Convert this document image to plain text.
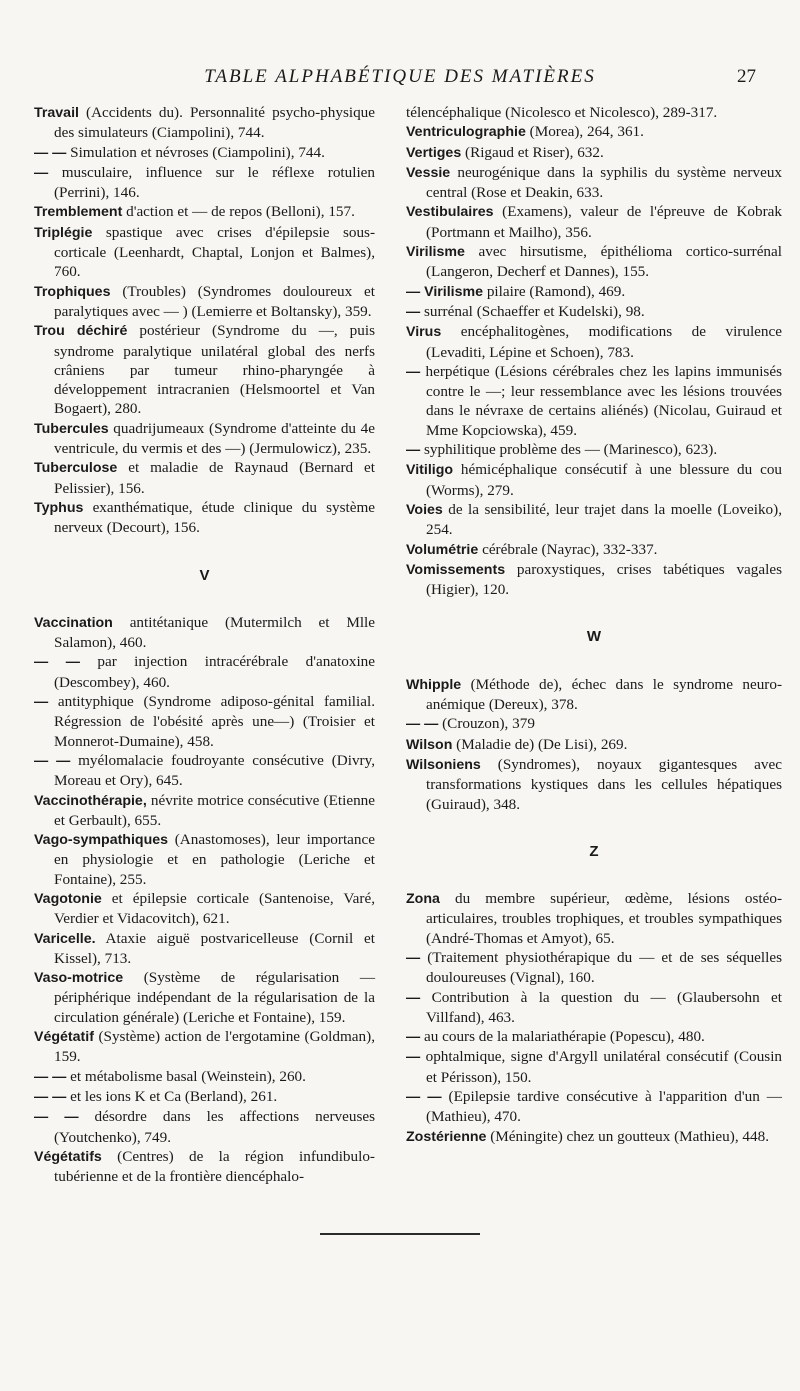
TABLE ALPHABÉTIQUE DES MATIÈRES	27
Travail (Accidents du). Personnalité psycho-physique des simulateurs (Ciampolini), 744.
— — Simulation et névroses (Ciampolini), 744.
— musculaire, influence sur le réflexe rotulien (Perrini), 146.
Tremblement d'action et — de repos (Belloni), 157.
Triplégie spastique avec crises d'épilepsie sous-corticale (Leenhardt, Chaptal, Lonjon et Balmes), 760.
Trophiques (Troubles) (Syndromes douloureux et paralytiques avec — ) (Lemierre et Boltansky), 359.
Trou déchiré postérieur (Syndrome du —, puis syndrome paralytique unilatéral global des nerfs crâniens par tumeur rhino-pharyngée à développement intracranien (Helsmoortel et Van Bogaert), 280.
Tubercules quadrijumeaux (Syndrome d'atteinte du 4e ventricule, du vermis et des —) (Jermulowicz), 235.
Tuberculose et maladie de Raynaud (Bernard et Pelissier), 156.
Typhus exanthématique, étude clinique du système nerveux (Decourt), 156.
V
Vaccination antitétanique (Mutermilch et Mlle Salamon), 460.
— — par injection intracérébrale d'anatoxine (Descombey), 460.
— antityphique (Syndrome adiposo-génital familial. Régression de l'obésité après une—) (Troisier et Monnerot-Dumaine), 458.
— — myélomalacie foudroyante consécutive (Divry, Moreau et Ory), 645.
Vaccinothérapie, névrite motrice consécutive (Etienne et Gerbault), 655.
Vago-sympathiques (Anastomoses), leur importance en physiologie et en pathologie (Leriche et Fontaine), 255.
Vagotonie et épilepsie corticale (Santenoise, Varé, Verdier et Vidacovitch), 621.
Varicelle. Ataxie aiguë postvaricelleuse (Cornil et Kissel), 713.
Vaso-motrice (Système de régularisation — périphérique indépendant de la régularisation de la circulation générale) (Leriche et Fontaine), 159.
Végétatif (Système) action de l'ergotamine (Goldman), 159.
— — et métabolisme basal (Weinstein), 260.
— — et les ions K et Ca (Berland), 261.
— — désordre dans les affections nerveuses (Youtchenko), 749.
Végétatifs (Centres) de la région infundibulo-tubérienne et de la frontière diencéphalo-
télencéphalique (Nicolesco et Nicolesco), 289-317.
Ventriculographie (Morea), 264, 361.
Vertiges (Rigaud et Riser), 632.
Vessie neurogénique dans la syphilis du système nerveux central (Rose et Deakin, 633.
Vestibulaires (Examens), valeur de l'épreuve de Kobrak (Portmann et Mailho), 356.
Virilisme avec hirsutisme, épithélioma cortico-surrénal (Langeron, Decherf et Dannes), 155.
— Virilisme pilaire (Ramond), 469.
— surrénal (Schaeffer et Kudelski), 98.
Virus encéphalitogènes, modifications de virulence (Levaditi, Lépine et Schoen), 783.
— herpétique (Lésions cérébrales chez les lapins immunisés contre le —; leur ressemblance avec les lésions trouvées dans le névraxe de certains aliénés) (Nicolau, Guiraud et Mme Kopciowska), 459.
— syphilitique problème des — (Marinesco), 623).
Vitiligo hémicéphalique consécutif à une blessure du cou (Worms), 279.
Voies de la sensibilité, leur trajet dans la moelle (Loveiko), 254.
Volumétrie cérébrale (Nayrac), 332-337.
Vomissements paroxystiques, crises tabétiques vagales (Higier), 120.
W
Whipple (Méthode de), échec dans le syndrome neuro-anémique (Dereux), 378.
— — (Crouzon), 379
Wilson (Maladie de) (De Lisi), 269.
Wilsoniens (Syndromes), noyaux gigantesques avec transformations kystiques dans les cellules hépatiques (Guiraud), 348.
Z
Zona du membre supérieur, œdème, lésions ostéo-articulaires, troubles trophiques, et troubles sympathiques (André-Thomas et Amyot), 65.
— (Traitement physiothérapique du — et de ses séquelles douloureuses (Vignal), 160.
— Contribution à la question du — (Glaubersohn et Villfand), 463.
— au cours de la malariathérapie (Popescu), 480.
— ophtalmique, signe d'Argyll unilatéral consécutif (Cousin et Périsson), 150.
— — (Epilepsie tardive consécutive à l'apparition d'un — (Mathieu), 470.
Zostérienne (Méningite) chez un goutteux (Mathieu), 448.
